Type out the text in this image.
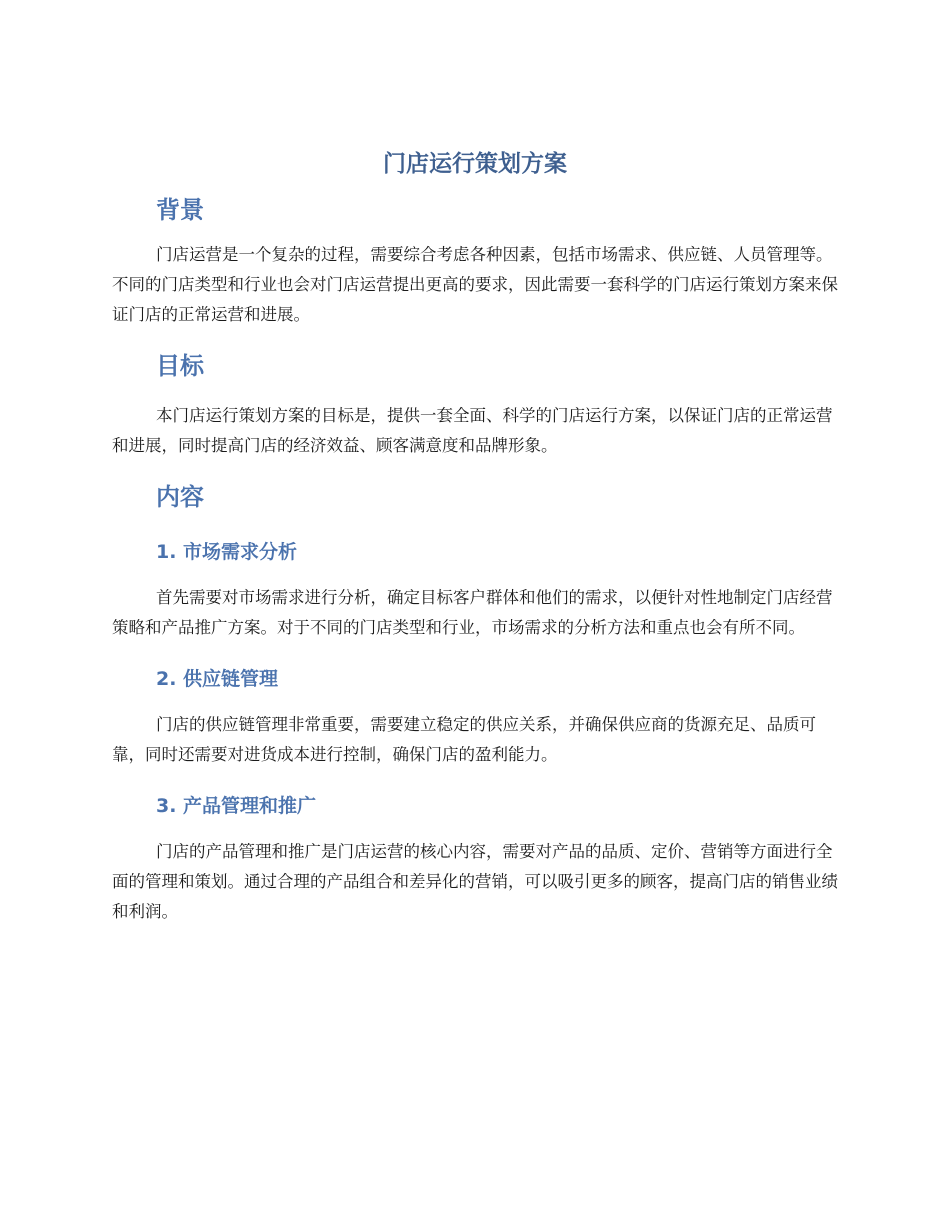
门店运行策划方案
背景

门店运营是一个复杂的过程，需要综合考虑各种因素，包括市场需求、供应链、人员管理等。不同的门店类型和行业也会对门店运营提出更高的要求，因此需要一套科学的门店运行策划方案来保证门店的正常运营和进展。

目标

本门店运行策划方案的目标是，提供一套全面、科学的门店运行方案，以保证门店的正常运营和进展，同时提高门店的经济效益、顾客满意度和品牌形象。

内容
1. 市场需求分析

首先需要对市场需求进行分析，确定目标客户群体和他们的需求，以便针对性地制定门店经营策略和产品推广方案。对于不同的门店类型和行业，市场需求的分析方法和重点也会有所不同。

2. 供应链管理

门店的供应链管理非常重要，需要建立稳定的供应关系，并确保供应商的货源充足、品质可靠，同时还需要对进货成本进行控制，确保门店的盈利能力。

3. 产品管理和推广

门店的产品管理和推广是门店运营的核心内容，需要对产品的品质、定价、营销等方面进行全面的管理和策划。通过合理的产品组合和差异化的营销，可以吸引更多的顾客，提高门店的销售业绩和利润。
